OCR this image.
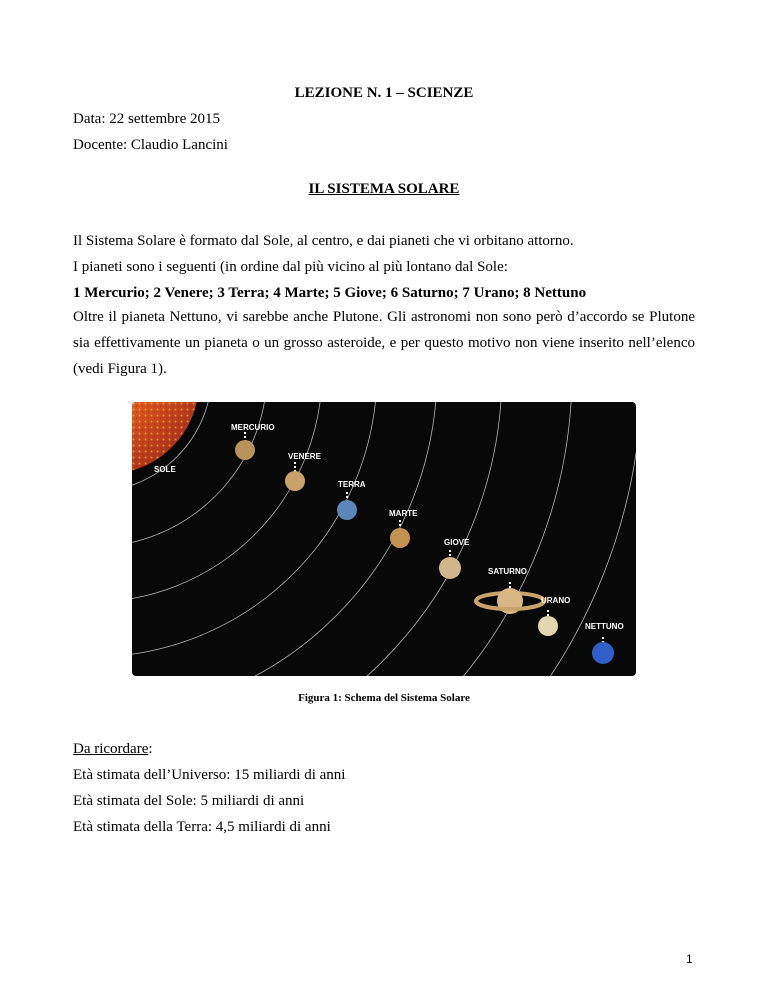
LEZIONE N. 1 – SCIENZE
Data: 22 settembre 2015
Docente: Claudio Lancini
IL SISTEMA SOLARE
Il Sistema Solare è formato dal Sole, al centro, e dai pianeti che vi orbitano attorno.
I pianeti sono i seguenti (in ordine dal più vicino al più lontano dal Sole:
1 Mercurio; 2 Venere; 3 Terra; 4 Marte; 5 Giove; 6 Saturno; 7 Urano; 8 Nettuno
Oltre il pianeta Nettuno, vi sarebbe anche Plutone. Gli astronomi non sono però d’accordo se Plutone sia effettivamente un pianeta o un grosso asteroide, e per questo motivo non viene inserito nell’elenco (vedi Figura 1).
SOLE
MERCURIO
VENERE
TERRA
MARTE
GIOVE
SATURNO
URANO
NETTUNO
Figura 1: Schema del Sistema Solare
Da ricordare:
Età stimata dell’Universo: 15 miliardi di anni
Età stimata del Sole: 5 miliardi di anni
Età stimata della Terra: 4,5 miliardi di anni
1
